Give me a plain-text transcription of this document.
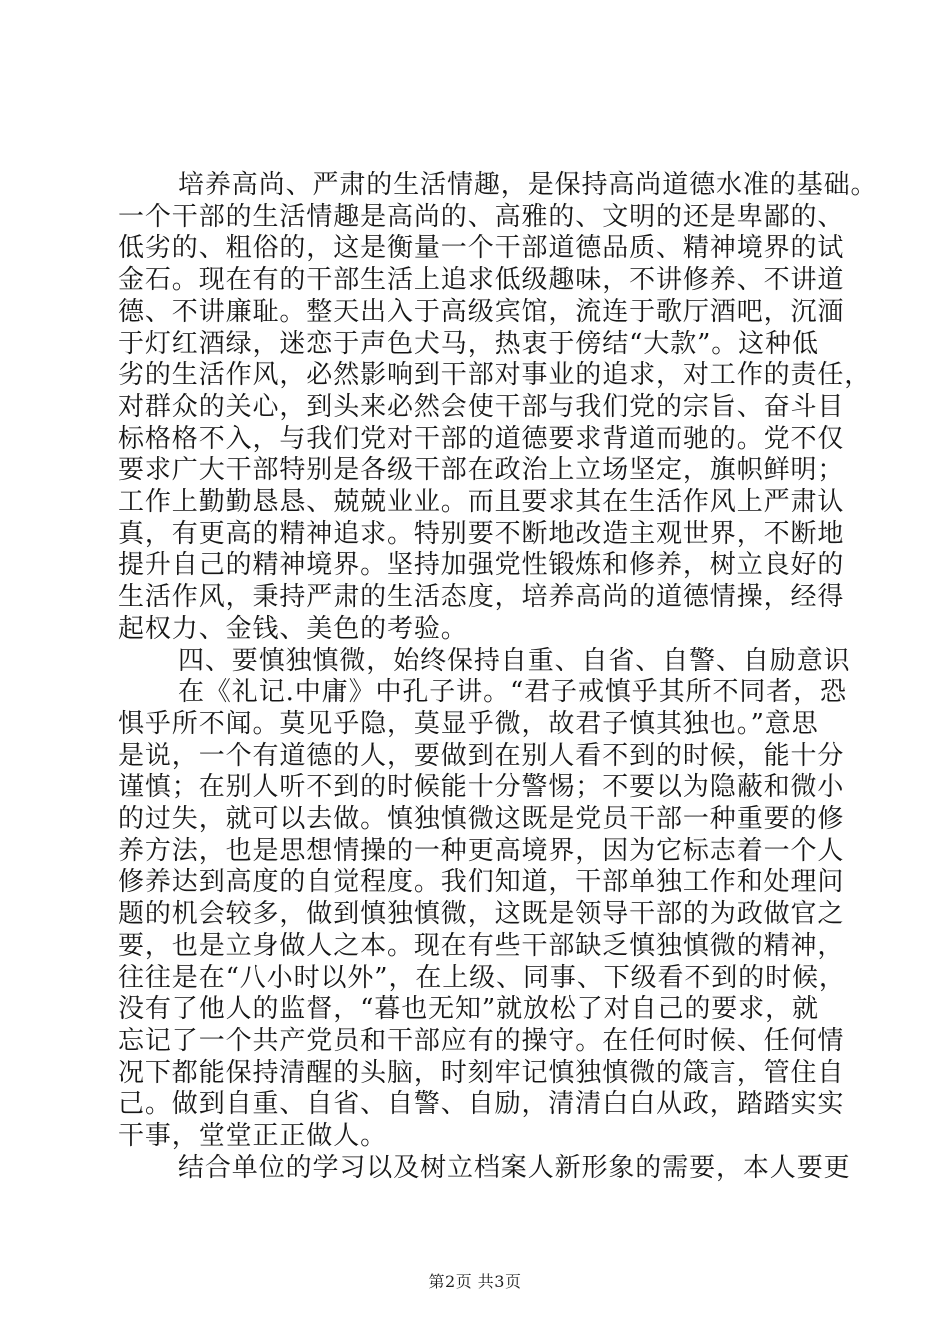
培养高尚、严肃的生活情趣，是保持高尚道德水准的基础。
一个干部的生活情趣是高尚的、高雅的、文明的还是卑鄙的、
低劣的、粗俗的，这是衡量一个干部道德品质、精神境界的试
金石。现在有的干部生活上追求低级趣味，不讲修养、不讲道
德、不讲廉耻。整天出入于高级宾馆，流连于歌厅酒吧，沉湎
于灯红酒绿，迷恋于声色犬马，热衷于傍结“大款”。这种低
劣的生活作风，必然影响到干部对事业的追求，对工作的责任，
对群众的关心，到头来必然会使干部与我们党的宗旨、奋斗目
标格格不入，与我们党对干部的道德要求背道而驰的。党不仅
要求广大干部特别是各级干部在政治上立场坚定，旗帜鲜明；
工作上勤勤恳恳、兢兢业业。而且要求其在生活作风上严肃认
真，有更高的精神追求。特别要不断地改造主观世界，不断地
提升自己的精神境界。坚持加强党性锻炼和修养，树立良好的
生活作风，秉持严肃的生活态度，培养高尚的道德情操，经得
起权力、金钱、美色的考验。
四、要慎独慎微，始终保持自重、自省、自警、自励意识
在《礼记.中庸》中孔子讲。“君子戒慎乎其所不同者，恐
惧乎所不闻。莫见乎隐，莫显乎微，故君子慎其独也。”意思
是说，一个有道德的人，要做到在别人看不到的时候，能十分
谨慎；在别人听不到的时候能十分警惕；不要以为隐蔽和微小
的过失，就可以去做。慎独慎微这既是党员干部一种重要的修
养方法，也是思想情操的一种更高境界，因为它标志着一个人
修养达到高度的自觉程度。我们知道，干部单独工作和处理问
题的机会较多，做到慎独慎微，这既是领导干部的为政做官之
要，也是立身做人之本。现在有些干部缺乏慎独慎微的精神，
往往是在“八小时以外”，在上级、同事、下级看不到的时候，
没有了他人的监督，“暮也无知”就放松了对自己的要求，就
忘记了一个共产党员和干部应有的操守。在任何时候、任何情
况下都能保持清醒的头脑，时刻牢记慎独慎微的箴言，管住自
己。做到自重、自省、自警、自励，清清白白从政，踏踏实实
干事，堂堂正正做人。
结合单位的学习以及树立档案人新形象的需要，本人要更
第2页 共3页
